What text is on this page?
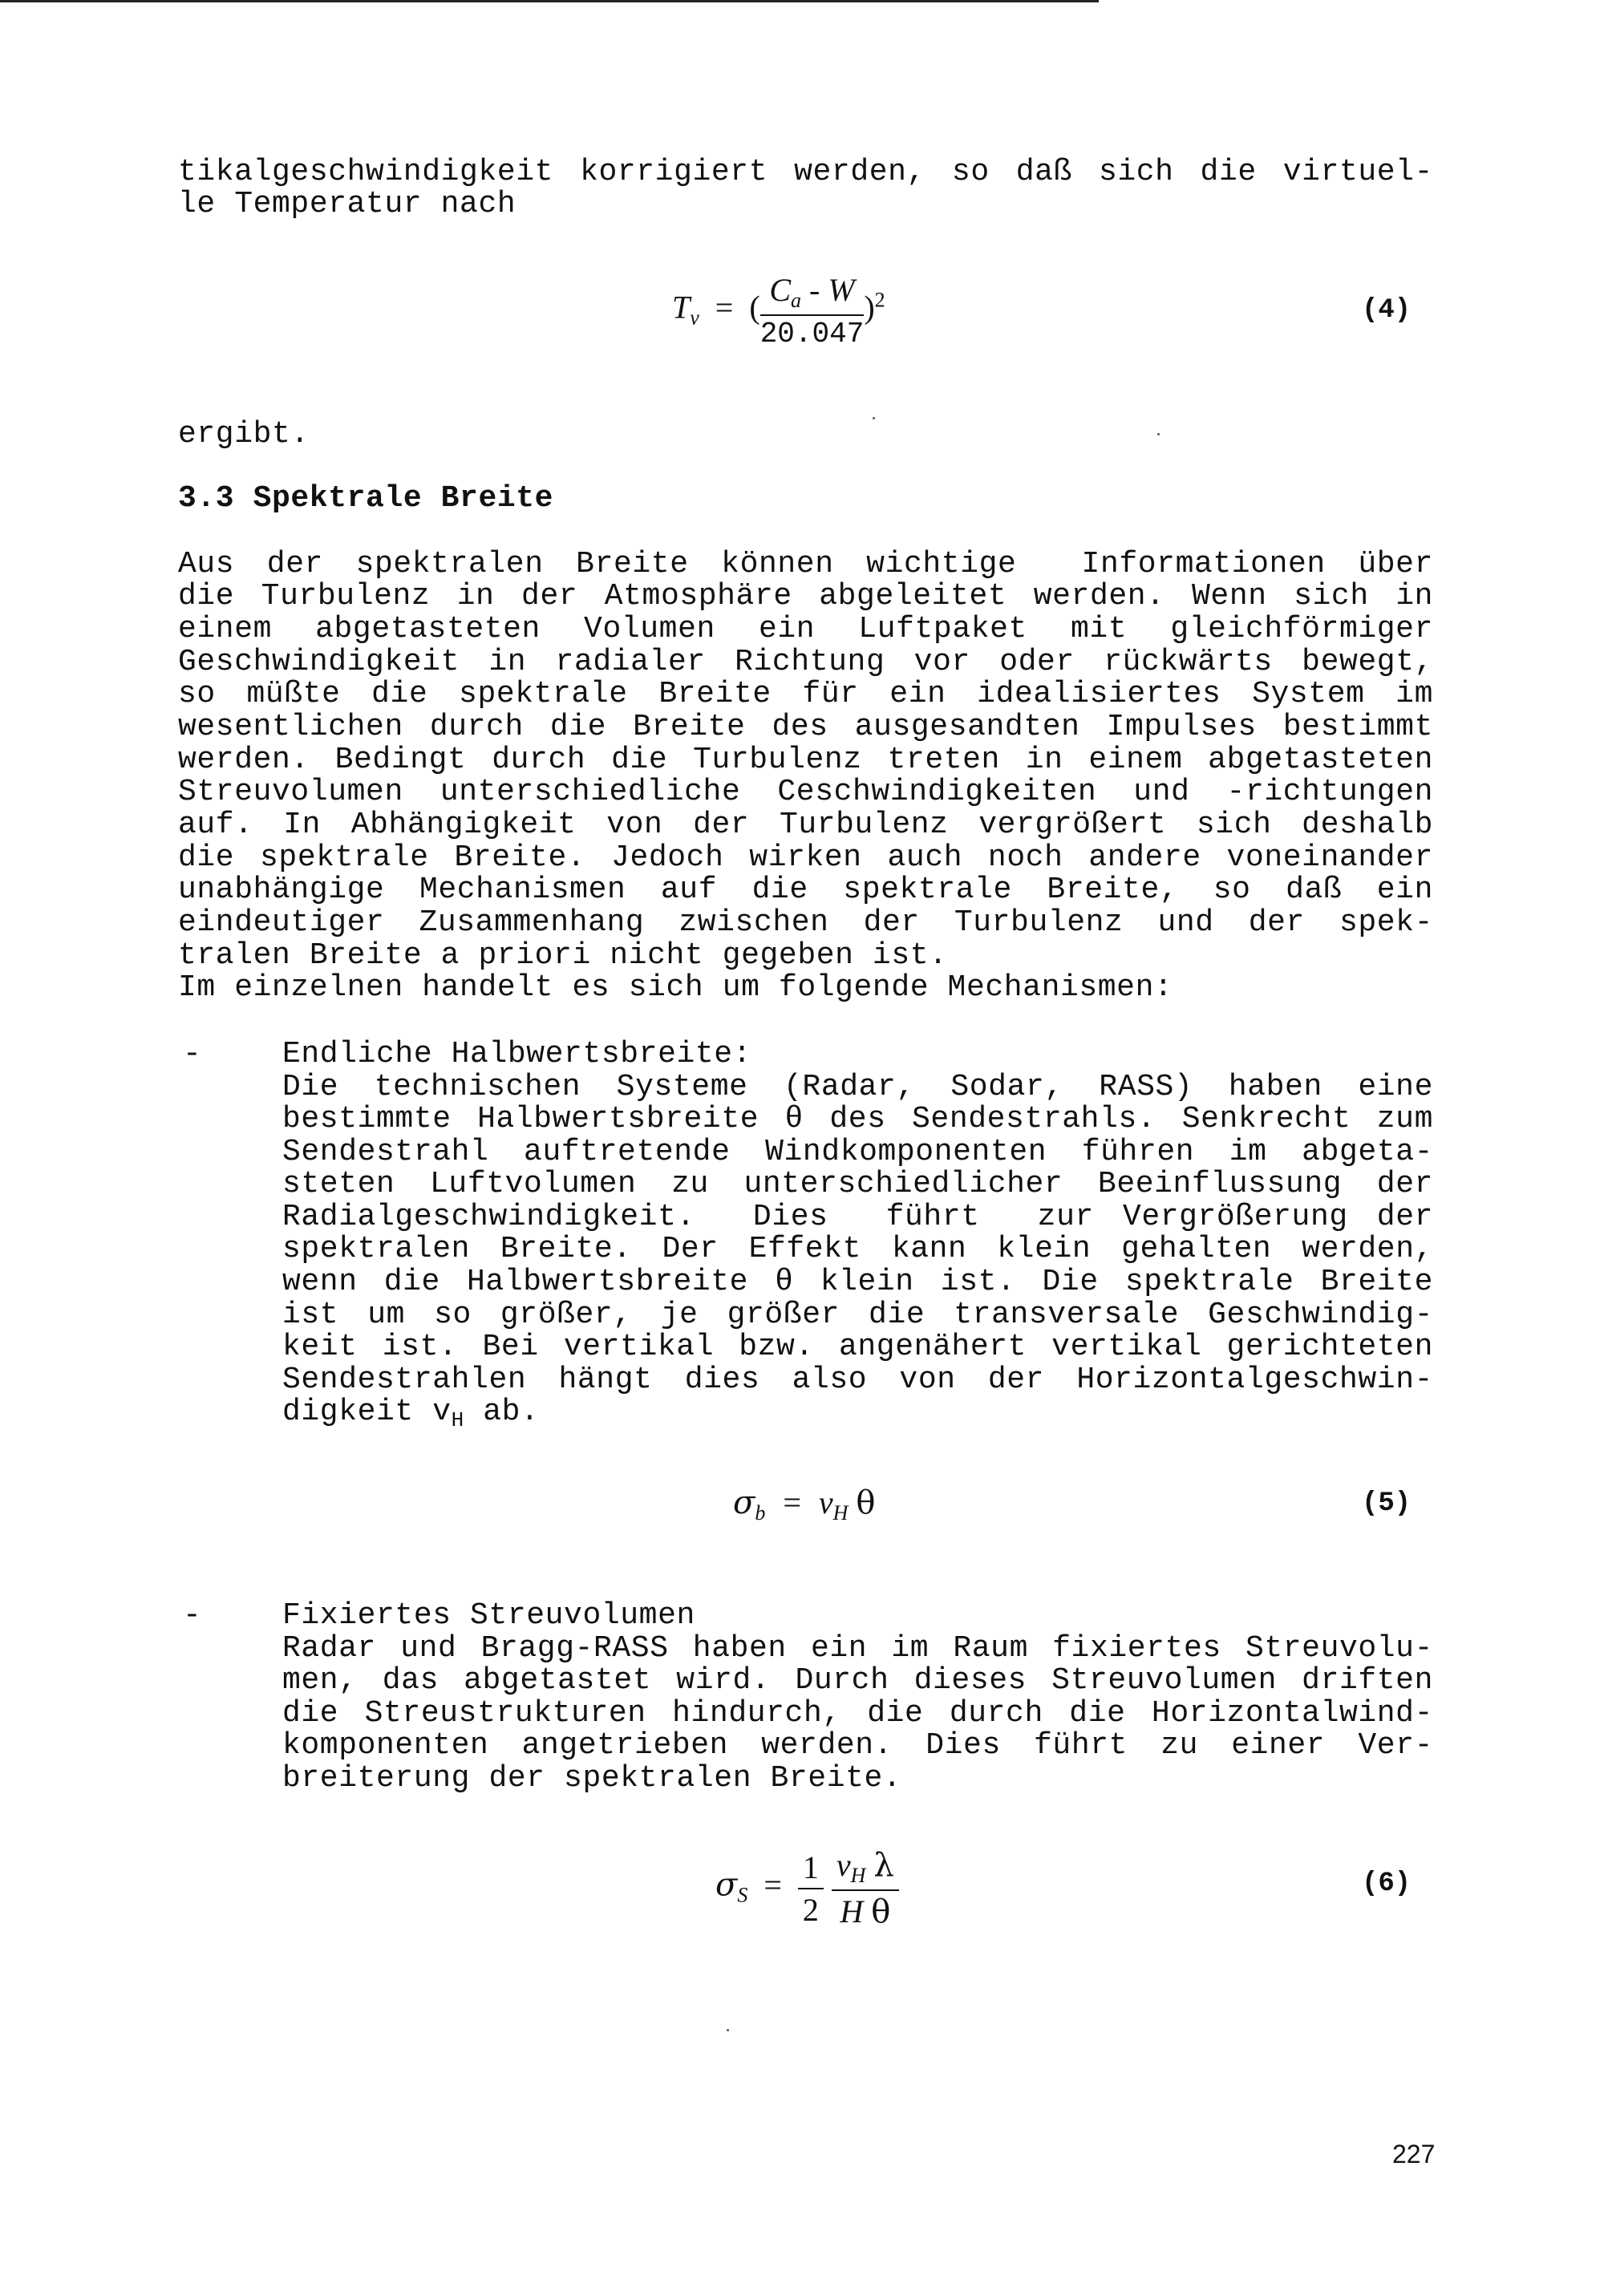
tikalgeschwindigkeit korrigiert werden, so daß sich die virtuel-
le Temperatur nach
$T_v$ = ( $\frac{C_a - W}{20.047} )^2$	(4)
ergibt.
3.3 Spektrale Breite
Aus der spektralen Breite können wichtige  Informationen über
die Turbulenz in der Atmosphäre abgeleitet werden. Wenn sich in
einem abgetasteten Volumen ein Luftpaket mit gleichförmiger
Geschwindigkeit in radialer Richtung vor oder rückwärts bewegt,
so müßte die spektrale Breite für ein idealisiertes System im
wesentlichen durch die Breite des ausgesandten Impulses bestimmt
werden. Bedingt durch die Turbulenz treten in einem abgetasteten
Streuvolumen unterschiedliche Ceschwindigkeiten und -richtungen
auf. In Abhängigkeit von der Turbulenz vergrößert sich deshalb
die spektrale Breite. Jedoch wirken auch noch andere voneinander
unabhängige Mechanismen auf die spektrale Breite, so daß ein
eindeutiger Zusammenhang zwischen der Turbulenz und der spek-
tralen Breite a priori nicht gegeben ist.
Im einzelnen handelt es sich um folgende Mechanismen:
-	Endliche Halbwertsbreite:
Die technischen Systeme (Radar, Sodar, RASS) haben eine
bestimmte Halbwertsbreite θ des Sendestrahls. Senkrecht zum
Sendestrahl auftretende Windkomponenten führen im abgeta-
steten Luftvolumen zu unterschiedlicher Beeinflussung der
Radialgeschwindigkeit.  Dies  führt  zur Vergrößerung der
spektralen Breite. Der Effekt kann klein gehalten werden,
wenn die Halbwertsbreite θ klein ist. Die spektrale Breite
ist um so größer, je größer die transversale Geschwindig-
keit ist. Bei vertikal bzw. angenähert vertikal gerichteten
Sendestrahlen hängt dies also von der Horizontalgeschwin-
digkeit $v_H$ ab.
$\sigma_b = v_H$ θ	(5)
-	Fixiertes Streuvolumen
Radar und Bragg-RASS haben ein im Raum fixiertes Streuvolu-
men, das abgetastet wird. Durch dieses Streuvolumen driften
die Streustrukturen hindurch, die durch die Horizontalwind-
komponenten angetrieben werden. Dies führt zu einer Ver-
breiterung der spektralen Breite.
$\sigma_S = \frac{1}{2}$
$\frac{v_H \lambda}{\text{H θ}}$	(6)
227
